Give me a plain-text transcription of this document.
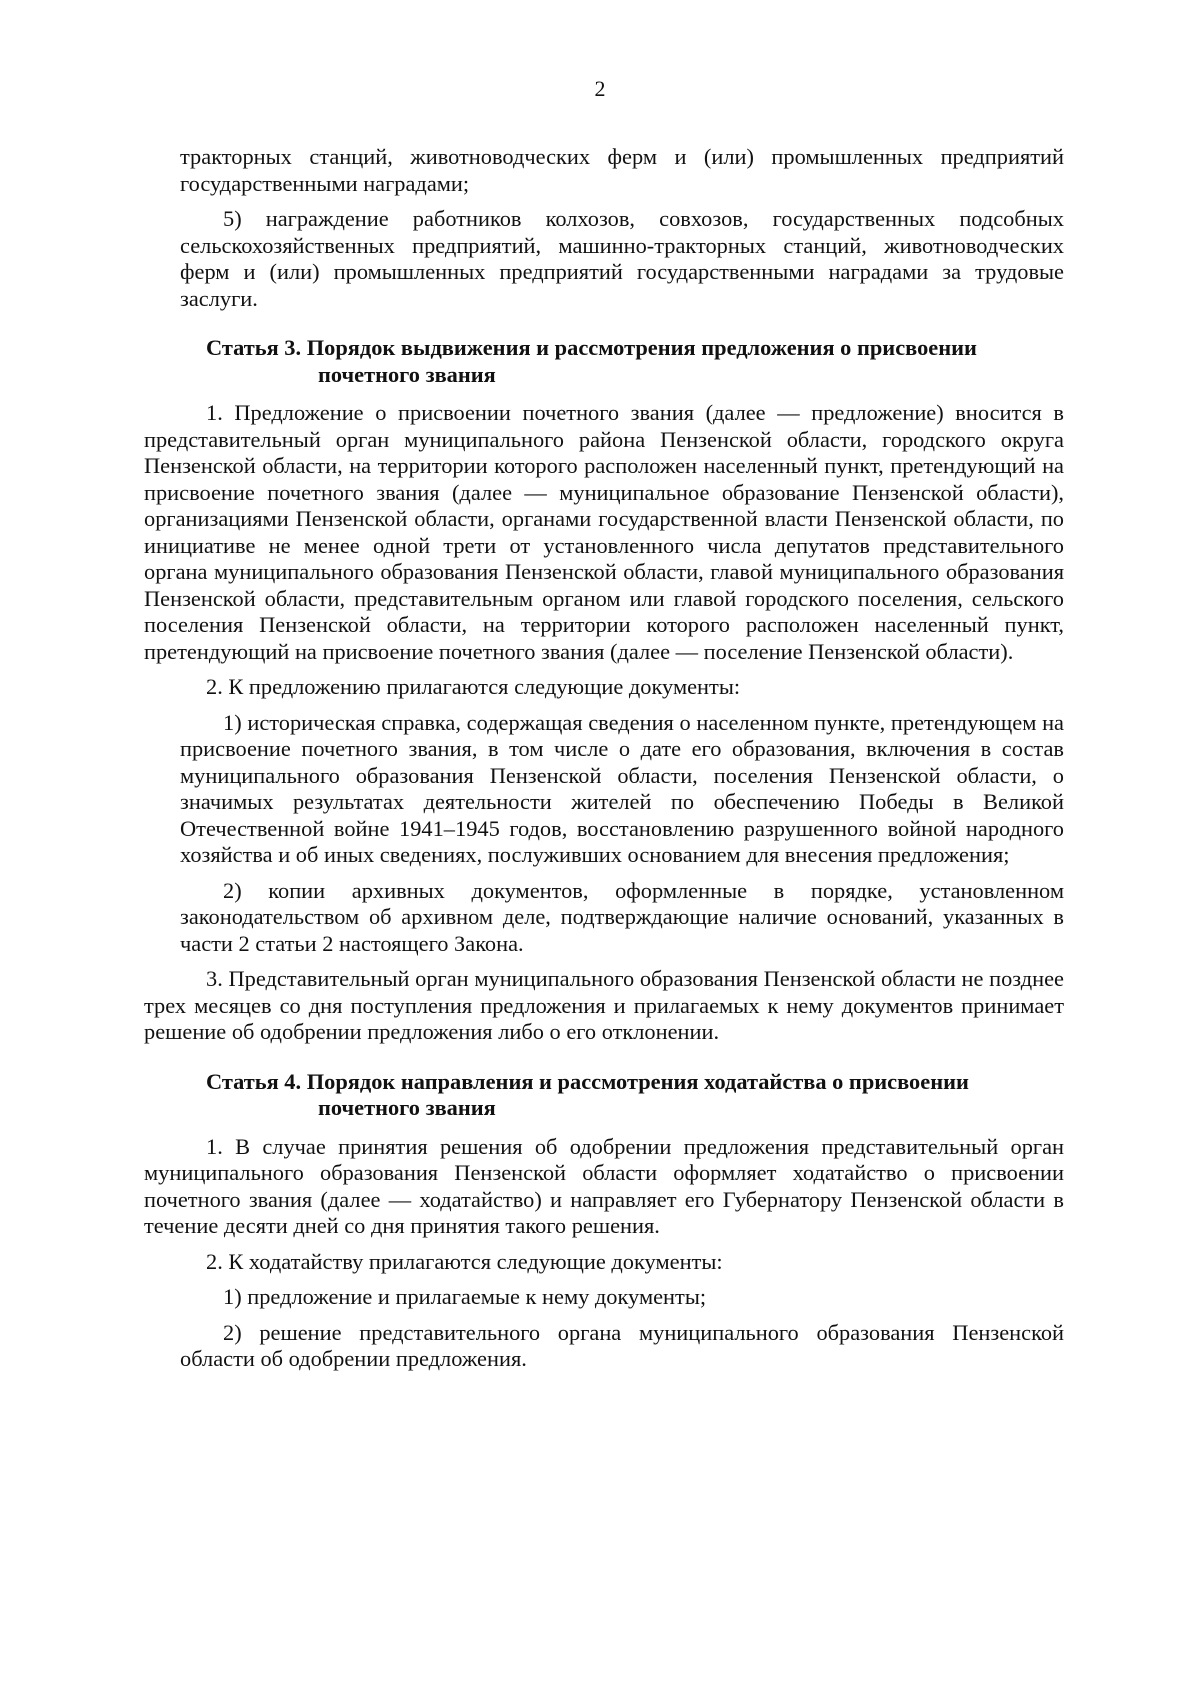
2

тракторных станций, животноводческих ферм и (или) промышленных предприятий государственными наградами;

5) награждение работников колхозов, совхозов, государственных подсобных сельскохозяйственных предприятий, машинно-тракторных станций, животноводческих ферм и (или) промышленных предприятий государственными наградами за трудовые заслуги.

Статья 3. Порядок выдвижения и рассмотрения предложения о присвоении
почетного звания

1. Предложение о присвоении почетного звания (далее — предложение) вносится в представительный орган муниципального района Пензенской области, городского округа Пензенской области, на территории которого расположен населенный пункт, претендующий на присвоение почетного звания (далее — муниципальное образование Пензенской области), организациями Пензенской области, органами государственной власти Пензенской области, по инициативе не менее одной трети от установленного числа депутатов представительного органа муниципального образования Пензенской области, главой муниципального образования Пензенской области, представительным органом или главой городского поселения, сельского поселения Пензенской области, на территории которого расположен населенный пункт, претендующий на присвоение почетного звания (далее — поселение Пензенской области).

2. К предложению прилагаются следующие документы:

1) историческая справка, содержащая сведения о населенном пункте, претендующем на присвоение почетного звания, в том числе о дате его образования, включения в состав муниципального образования Пензенской области, поселения Пензенской области, о значимых результатах деятельности жителей по обеспечению Победы в Великой Отечественной войне 1941–1945 годов, восстановлению разрушенного войной народного хозяйства и об иных сведениях, послуживших основанием для внесения предложения;

2) копии архивных документов, оформленные в порядке, установленном законодательством об архивном деле, подтверждающие наличие оснований, указанных в части 2 статьи 2 настоящего Закона.

3. Представительный орган муниципального образования Пензенской области не позднее трех месяцев со дня поступления предложения и прилагаемых к нему документов принимает решение об одобрении предложения либо о его отклонении.

Статья 4. Порядок направления и рассмотрения ходатайства о присвоении
почетного звания

1. В случае принятия решения об одобрении предложения представительный орган муниципального образования Пензенской области оформляет ходатайство о присвоении почетного звания (далее — ходатайство) и направляет его Губернатору Пензенской области в течение десяти дней со дня принятия такого решения.

2. К ходатайству прилагаются следующие документы:

1) предложение и прилагаемые к нему документы;

2) решение представительного органа муниципального образования Пензенской области об одобрении предложения.
